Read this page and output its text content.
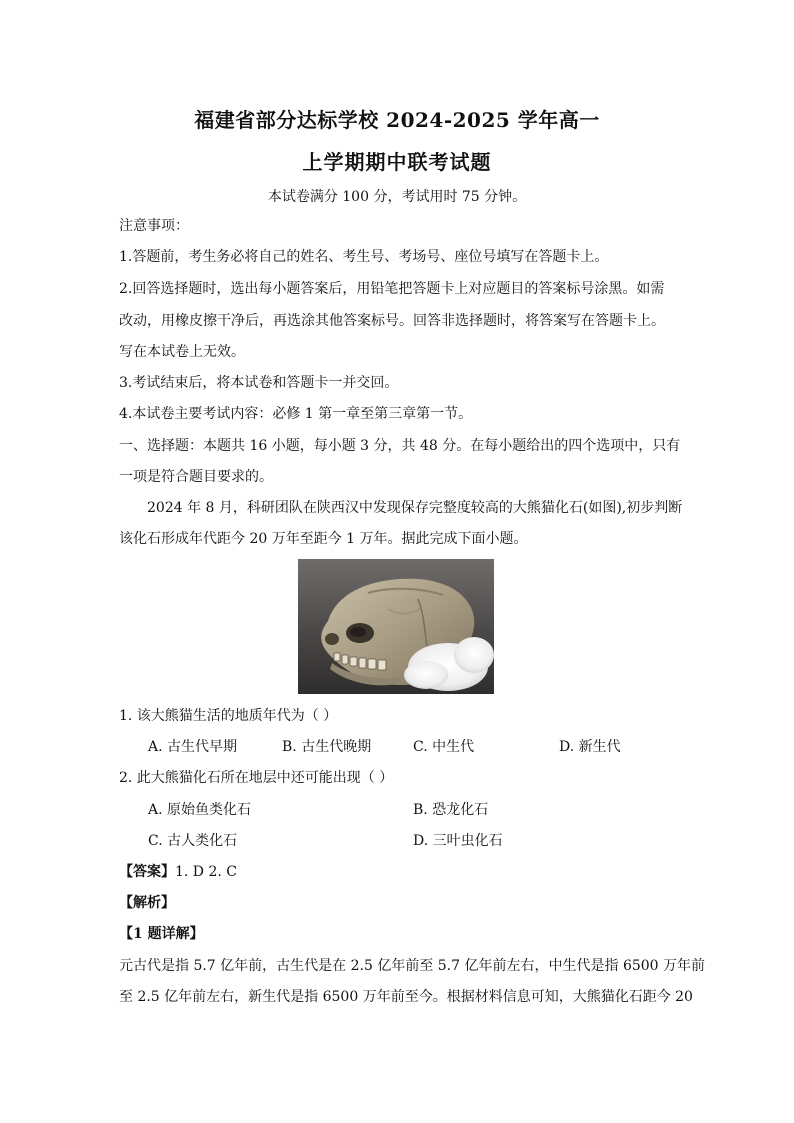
福建省部分达标学校 2024-2025 学年高一
上学期期中联考试题
本试卷满分 100 分，考试用时 75 分钟。
注意事项：
1.答题前，考生务必将自己的姓名、考生号、考场号、座位号填写在答题卡上。
2.回答选择题时，选出每小题答案后，用铅笔把答题卡上对应题目的答案标号涂黑。如需
改动，用橡皮擦干净后，再选涂其他答案标号。回答非选择题时，将答案写在答题卡上。
写在本试卷上无效。
3.考试结束后，将本试卷和答题卡一并交回。
4.本试卷主要考试内容：必修 1 第一章至第三章第一节。
一、选择题：本题共 16 小题，每小题 3 分，共 48 分。在每小题给出的四个选项中，只有
一项是符合题目要求的。
2024 年 8 月，科研团队在陕西汉中发现保存完整度较高的大熊猫化石(如图),初步判断
该化石形成年代距今 20 万年至距今 1 万年。据此完成下面小题。
1. 该大熊猫生活的地质年代为（ ）
A. 古生代早期	B. 古生代晚期	C. 中生代	D. 新生代
2. 此大熊猫化石所在地层中还可能出现（ ）
A. 原始鱼类化石	B. 恐龙化石
C. 古人类化石	D. 三叶虫化石
【答案】1. D 2. C
【解析】
【1 题详解】
元古代是指 5.7 亿年前，古生代是在 2.5 亿年前至 5.7 亿年前左右，中生代是指 6500 万年前
至 2.5 亿年前左右，新生代是指 6500 万年前至今。根据材料信息可知，大熊猫化石距今 20
